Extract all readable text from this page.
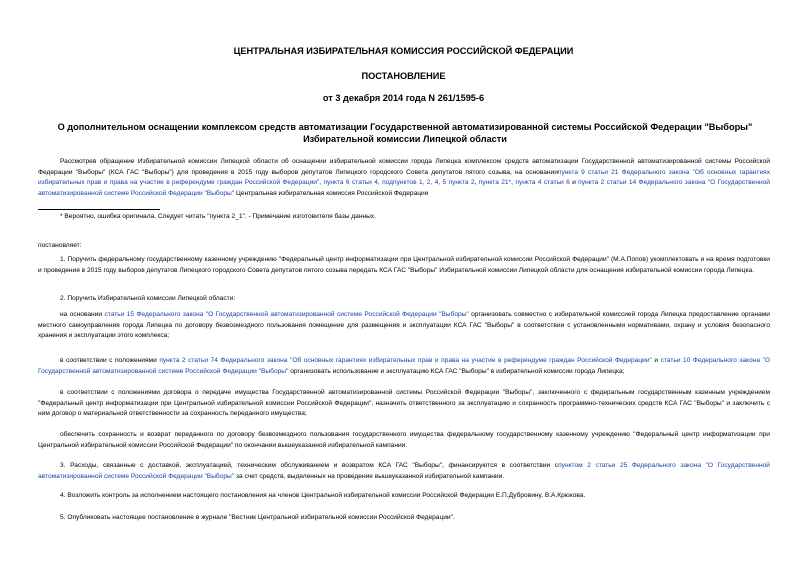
ЦЕНТРАЛЬНАЯ ИЗБИРАТЕЛЬНАЯ КОМИССИЯ РОССИЙСКОЙ ФЕДЕРАЦИИ
ПОСТАНОВЛЕНИЕ
от 3 декабря 2014 года N 261/1595-6
О дополнительном оснащении комплексом средств автоматизации Государственной автоматизированной системы Российской Федерации "Выборы"
Избирательной комиссии Липецкой области
Рассмотрев обращение Избирательной комиссии Липецкой области об оснащении избирательной комиссии города Липецка комплексом средств автоматизации Государственной автоматизированной системы Российской Федерации "Выборы" (КСА ГАС "Выборы") для проведения в 2015 году выборов депутатов Липецкого городского Совета депутатов пятого созыва, на основаниипункта 9 статьи 21 Федерального закона "Об основных гарантиях избирательных прав и права на участие в референдуме граждан Российской Федерации", пункта 6 статьи 4, подпунктов 1, 2, 4, 5 пункта 2, пункта 21*, пункта 4 статьи 6 и пункта 2 статьи 14 Федерального закона "О Государственной автоматизированной системе Российской Федерации "Выборы" Центральная избирательная комиссия Российской Федерации
* Вероятно, ошибка оригинала. Следует читать "пункта 2_1". - Примечание изготовителя базы данных.
постановляет:
1. Поручить федеральному государственному казенному учреждению "Федеральный центр информатизации при Центральной избирательной комиссии Российской Федерации" (М.А.Попов) укомплектовать и на время подготовки и проведения в 2015 году выборов депутатов Липецкого городского Совета депутатов пятого созыва передать КСА ГАС "Выборы" Избирательной комиссии Липецкой области для оснащения избирательной комиссии города Липецка.
2. Поручить Избирательной комиссии Липецкой области:
на основании статьи 15 Федерального закона "О Государственной автоматизированной системе Российской Федерации "Выборы" организовать совместно с избирательной комиссией города Липецка предоставление органами местного самоуправления города Липецка по договору безвозмездного пользования помещение для размещения и эксплуатации КСА ГАС "Выборы" в соответствии с установленными нормативами, охрану и условия безопасного хранения и эксплуатации этого комплекса;
в соответствии с положениями пункта 2 статьи 74 Федерального закона "Об основных гарантиях избирательных прав и права на участие в референдуме граждан Российской Федерации" и статьи 10 Федерального закона "О Государственной автоматизированной системе Российской Федерации "Выборы" организовать использование и эксплуатацию КСА ГАС "Выборы" в избирательной комиссии города Липецка;
в соответствии с положениями договора о передаче имущества Государственной автоматизированной системы Российской Федерации "Выборы", заключенного с федеральным государственным казенным учреждением "Федеральный центр информатизации при Центральной избирательной комиссии Российской Федерации", назначить ответственного за эксплуатацию и сохранность программно-технических средств КСА ГАС "Выборы" и заключить с ним договор о материальной ответственности за сохранность переданного имущества;
обеспечить сохранность и возврат переданного по договору безвозмездного пользования государственного имущества федеральному государственному казенному учреждению "Федеральный центр информатизации при Центральной избирательной комиссии Российской Федерации" по окончании вышеуказанной избирательной кампании.
3. Расходы, связанные с доставкой, эксплуатацией, техническим обслуживанием и возвратом КСА ГАС "Выборы", финансируются в соответствии спунктом 2 статьи 25 Федерального закона "О Государственной автоматизированной системе Российской Федерации "Выборы" за счет средств, выделенных на проведение вышеуказанной избирательной кампании.
4. Возложить контроль за исполнением настоящего постановления на членов Центральной избирательной комиссии Российской Федерации Е.П.Дубровину, В.А.Крюкова.
5. Опубликовать настоящее постановление в журнале "Вестник Центральной избирательной комиссии Российской Федерации".
